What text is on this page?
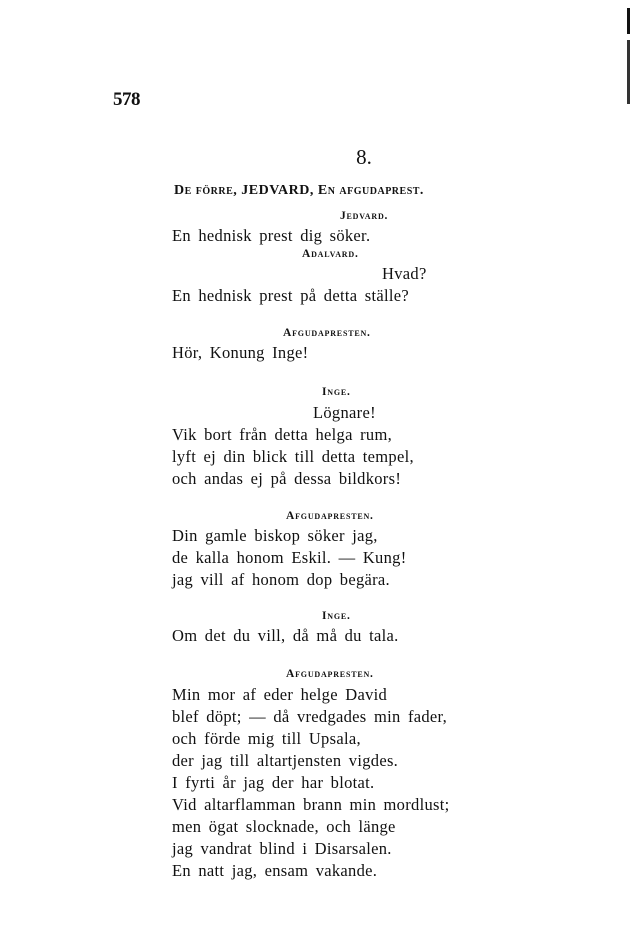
578
8.
De förre, JEDVARD, En afgudaprest.
Jedvard.
En hednisk prest dig söker.
Adalvard.
Hvad?
En hednisk prest på detta ställe?
Afgudapresten.
Hör, Konung Inge!
Inge.
Lögnare!
Vik bort från detta helga rum,
lyft ej din blick till detta tempel,
och andas ej på dessa bildkors!
Afgudapresten.
Din gamle biskop söker jag,
de kalla honom Eskil. — Kung!
jag vill af honom dop begära.
Inge.
Om det du vill, då må du tala.
Afgudapresten.
Min mor af eder helge David
blef döpt; — då vredgades min fader,
och förde mig till Upsala,
der jag till altartjensten vigdes.
I fyrti år jag der har blotat.
Vid altarflamman brann min mordlust;
men ögat slocknade, och länge
jag vandrat blind i Disarsalen.
En natt jag, ensam vakande.
